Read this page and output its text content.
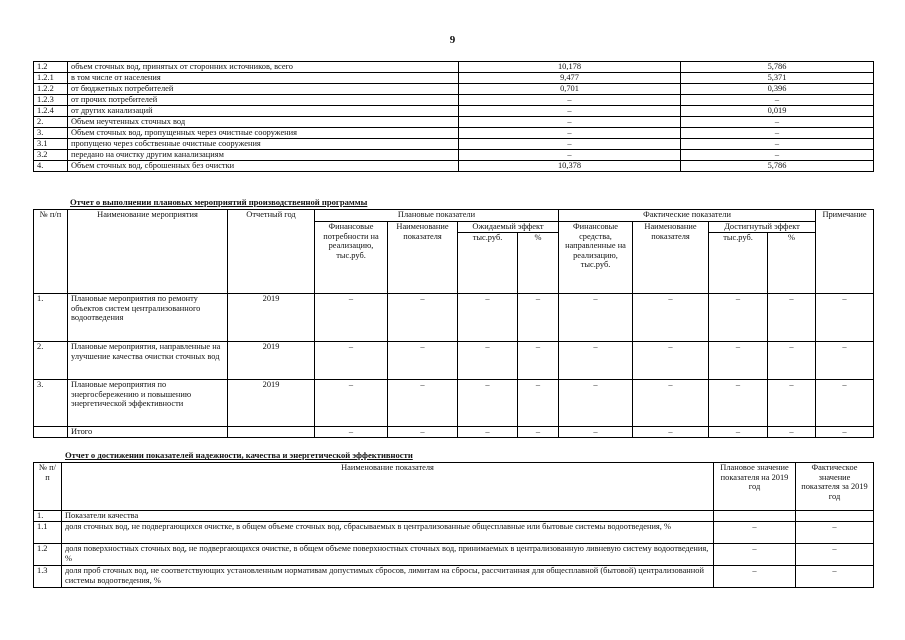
9
1.2	объем сточных вод, принятых от сторонних источников, всего	10,178	5,786
1.2.1	в том числе от населения	9,477	5,371
1.2.2	от бюджетных потребителей	0,701	0,396
1.2.3	от прочих потребителей	–	–
1.2.4	от других канализаций	–	0,019
2.	Объем неучтенных сточных вод	–	–
3.	Объем сточных вод, пропущенных через очистные сооружения	–	–
3.1	пропущено через собственные очистные сооружения	–	–
3.2	передано на очистку другим канализациям	–	–
4.	Объем сточных вод, сброшенных без очистки	10,378	5,786
Отчет о выполнении плановых мероприятий производственной программы
№ п/п	Наименование мероприятия	Отчетный год	Плановые показатели				Фактические показатели				Примечание
			Финансовые потребности на реализацию, тыс.руб.	Наименование показателя	Ожидаемый эффект		Финансовые средства, направленные на реализацию, тыс.руб.	Наименование показателя	Достигнутый эффект		
					тыс.руб.	%			тыс.руб.	%	
1.	Плановые мероприятия по ремонту объектов систем централизованного водоотведения	2019	–	–	–	–	–	–	–	–	–
2.	Плановые мероприятия, направленные на улучшение качества очистки сточных вод	2019	–	–	–	–	–	–	–	–	–
3.	Плановые мероприятия по энергосбережению и повышению энергетической эффективности	2019	–	–	–	–	–	–	–	–	–
	Итого		–	–	–	–	–	–	–	–	–
Отчет о достижении показателей надежности, качества и энергетической эффективности
№ п/п	Наименование показателя	Плановое значение показателя на 2019 год	Фактическое значение показателя за 2019 год
1.	Показатели качества		
1.1	доля сточных вод, не подвергающихся очистке, в общем объеме сточных вод, сбрасываемых в централизованные общесплавные или бытовые системы водоотведения, %	–	–
1.2	доля поверхностных сточных вод, не подвергающихся очистке, в общем объеме поверхностных сточных вод, принимаемых в централизованную ливневую систему водоотведения, %	–	–
1.3	доля проб сточных вод, не соответствующих установленным нормативам допустимых сбросов, лимитам на сбросы, рассчитанная для общесплавной (бытовой) централизованной системы водоотведения, %	–	–
